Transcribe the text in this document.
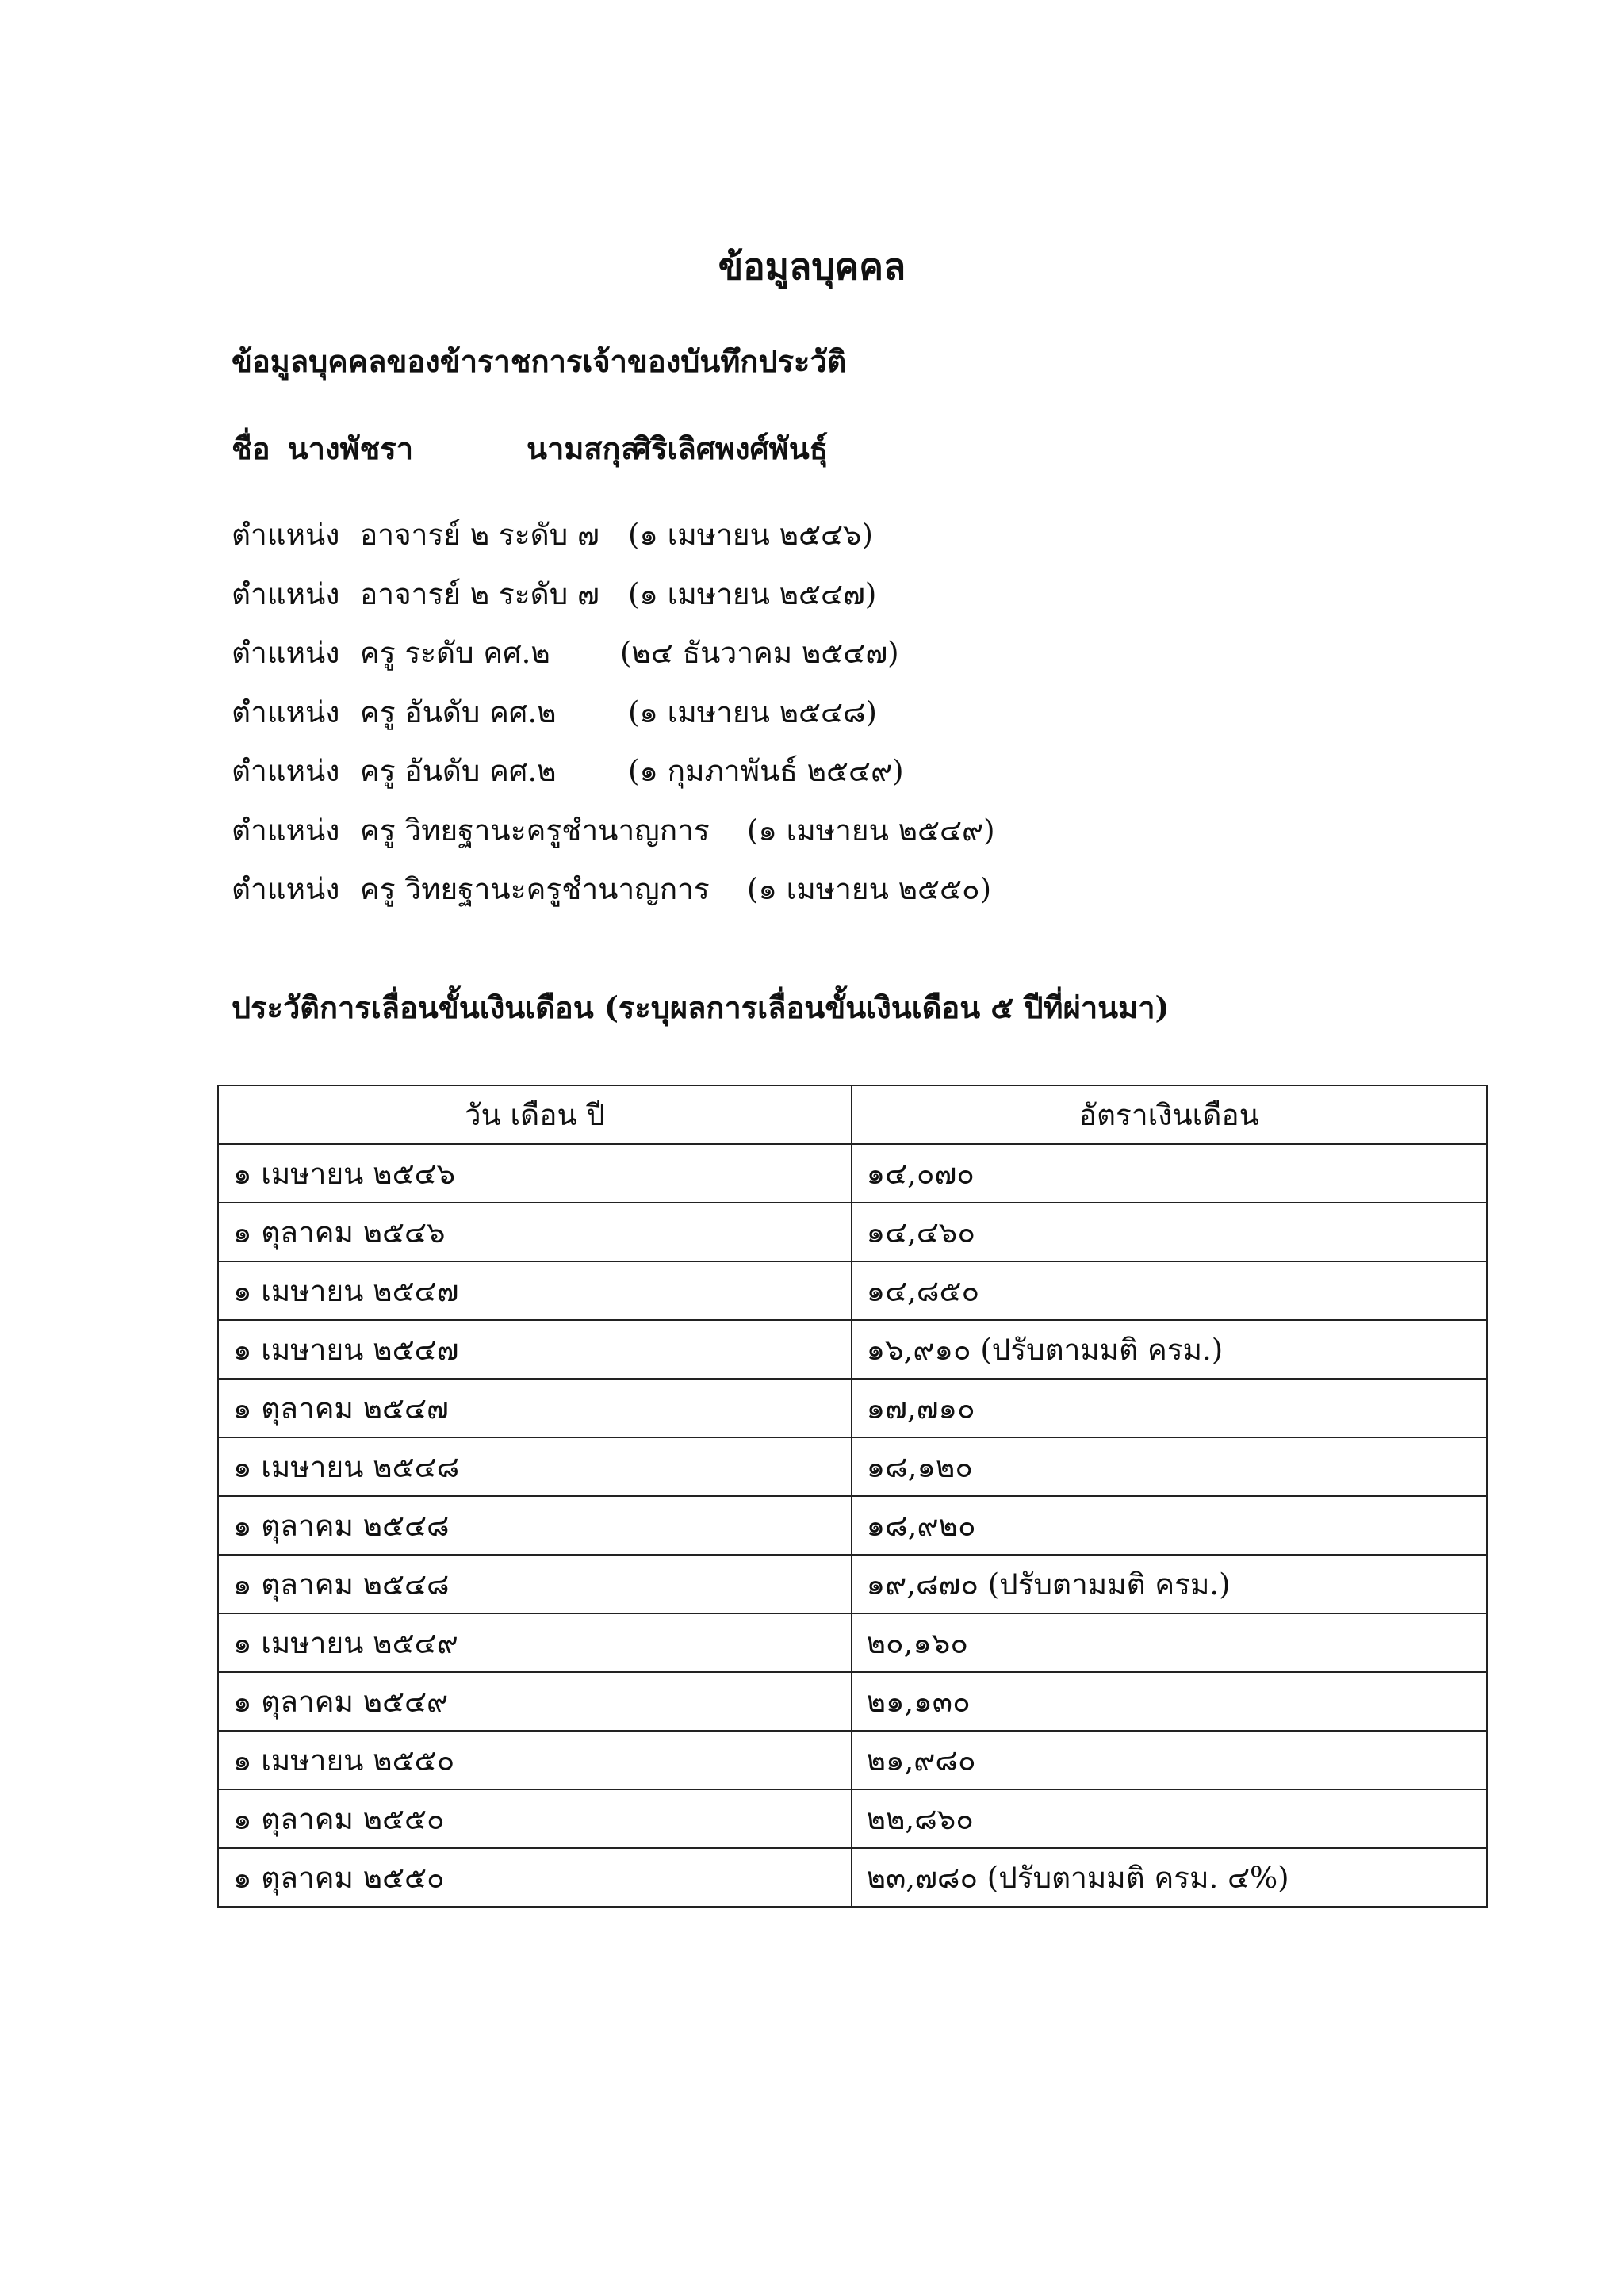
ข้อมูลบุคคล
ข้อมูลบุคคลของข้าราชการเจ้าของบันทึกประวัติ
ชื่อ นางพัชรา	นามสกุล
ศิริเลิศพงศ์พันธุ์
ตำแหน่ง อาจารย์ ๒ ระดับ ๗ (๑ เมษายน ๒๕๔๖)
ตำแหน่ง อาจารย์ ๒ ระดับ ๗ (๑ เมษายน ๒๕๔๗)
ตำแหน่ง ครู ระดับ คศ.๒ (๒๔ ธันวาคม ๒๕๔๗)
ตำแหน่ง ครู อันดับ คศ.๒ (๑ เมษายน ๒๕๔๘)
ตำแหน่ง ครู อันดับ คศ.๒ (๑ กุมภาพันธ์ ๒๕๔๙)
ตำแหน่ง ครู วิทยฐานะครูชำนาญการ (๑ เมษายน ๒๕๔๙)
ตำแหน่ง ครู วิทยฐานะครูชำนาญการ (๑ เมษายน ๒๕๕๐)
ประวัติการเลื่อนขั้นเงินเดือน (ระบุผลการเลื่อนขั้นเงินเดือน ๕ ปีที่ผ่านมา)
วัน เดือน ปี	อัตราเงินเดือน
๑ เมษายน ๒๕๔๖	๑๔,๐๗๐
๑ ตุลาคม ๒๕๔๖	๑๔,๔๖๐
๑ เมษายน ๒๕๔๗	๑๔,๘๕๐
๑ เมษายน ๒๕๔๗	๑๖,๙๑๐ (ปรับตามมติ ครม.)
๑ ตุลาคม ๒๕๔๗	๑๗,๗๑๐
๑ เมษายน ๒๕๔๘	๑๘,๑๒๐
๑ ตุลาคม ๒๕๔๘	๑๘,๙๒๐
๑ ตุลาคม ๒๕๔๘	๑๙,๘๗๐ (ปรับตามมติ ครม.)
๑ เมษายน ๒๕๔๙	๒๐,๑๖๐
๑ ตุลาคม ๒๕๔๙	๒๑,๑๓๐
๑ เมษายน ๒๕๕๐	๒๑,๙๘๐
๑ ตุลาคม ๒๕๕๐	๒๒,๘๖๐
๑ ตุลาคม ๒๕๕๐	๒๓,๗๘๐ (ปรับตามมติ ครม. ๔%)
